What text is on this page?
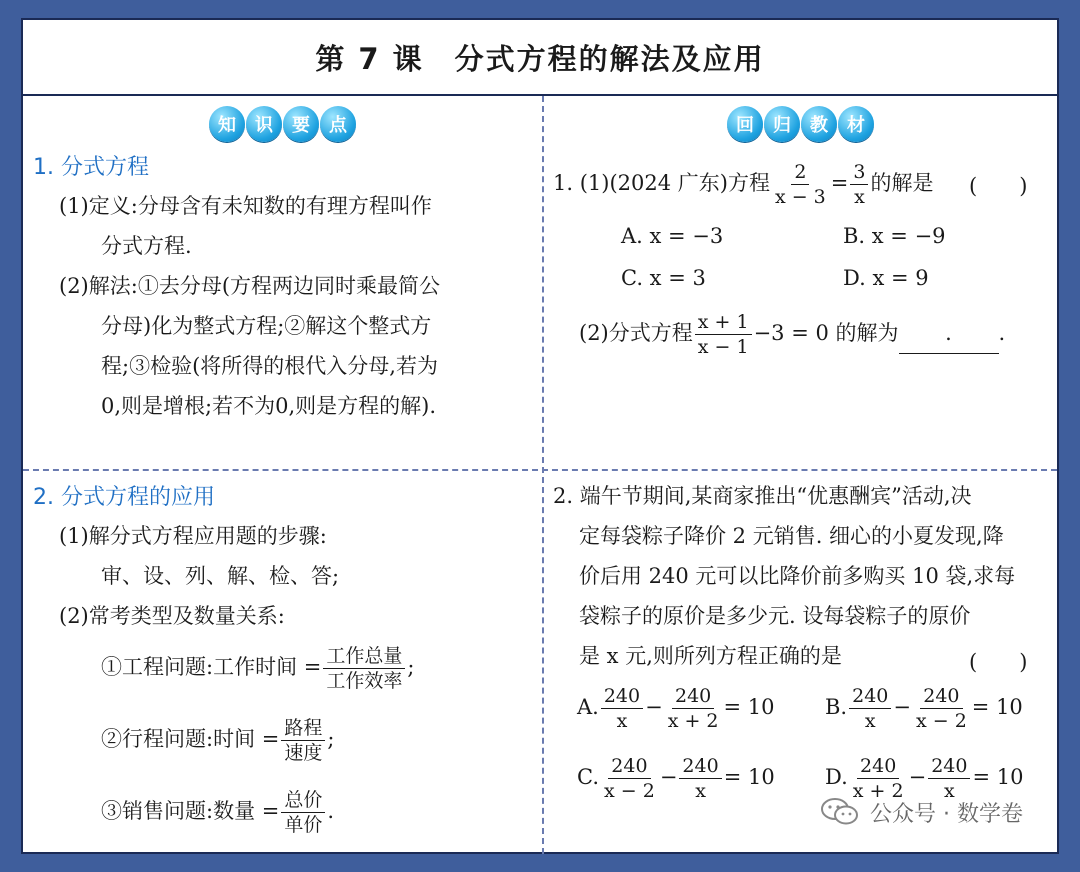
第 7 课　分式方程的解法及应用
知	识	要	点	回	归	教	材
1. 分式方程
(1)定义:分母含有未知数的有理方程叫作
分式方程.
(2)解法:①去分母(方程两边同时乘最简公
分母)化为整式方程;②解这个整式方
程;③检验(将所得的根代入分母,若为
0,则是增根;若不为0,则是方程的解).
2. 分式方程的应用
(1)解分式方程应用题的步骤:
审、设、列、解、检、答;
(2)常考类型及数量关系:
①工程问题:工作时间 = $\frac{\text{工作总量}}{\text{工作效率}}$ ;
②行程问题:时间 = $\frac{\text{路程}}{\text{速度}}$ ;
③销售问题:数量 = $\frac{\text{总价}}{\text{单价}}$ .
1. (1)(2024 广东)方程 $\frac{2}{x - 3} = \frac{3}{x}$ 的解是 (　　)
A. x = −3	B. x = −9
C. x = 3	D. x = 9
(2)分式方程 $\frac{x + 1}{x - 1} -3 = 0$ 的解为 . .
2. 端午节期间,某商家推出“优惠酬宾”活动,决
定每袋粽子降价 2 元销售. 细心的小夏发现,降
价后用 240 元可以比降价前多购买 10 袋,求每
袋粽子的原价是多少元. 设每袋粽子的原价
是 x 元,则所列方程正确的是	(　　)
A. $\frac{240}{x} - \frac{240}{x + 2} = 10$ B. $\frac{240}{x} - \frac{240}{x - 2} = 10$
C. $\frac{240}{x - 2} - \frac{240}{x} = 10$ D. $\frac{240}{x + 2} - \frac{240}{x} = 10$
公众号 · 数学卷
